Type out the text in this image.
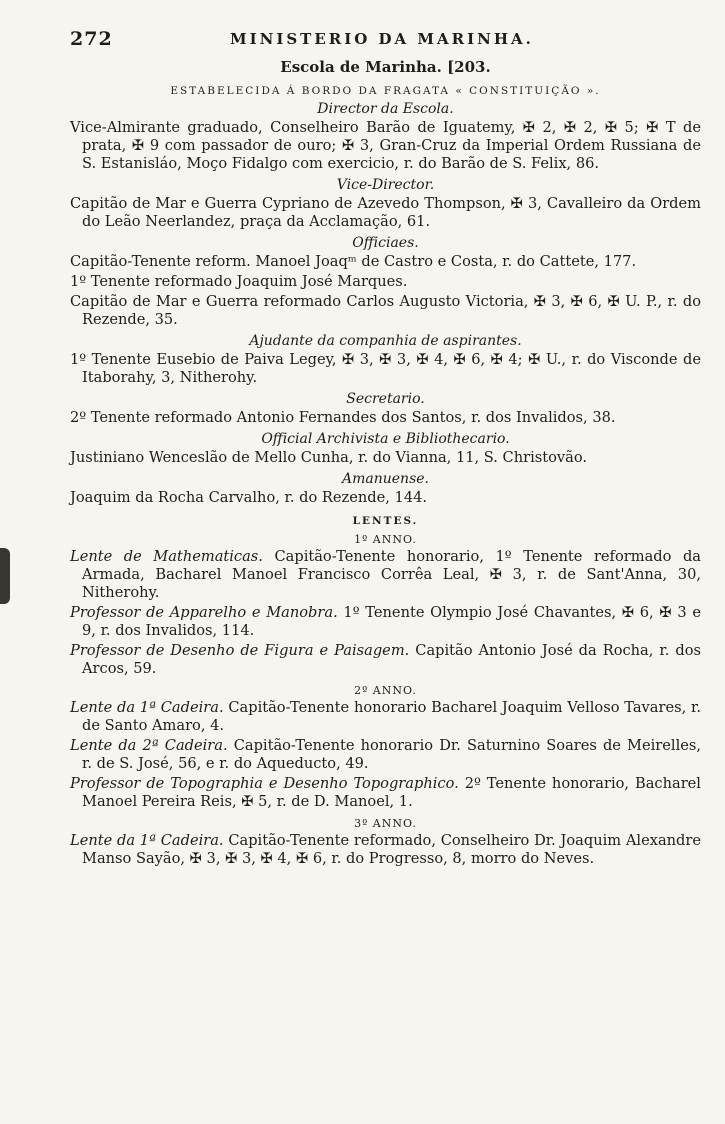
272	MINISTERIO DA MARINHA.
Escola de Marinha. [203.
ESTABELECIDA Á BORDO DA FRAGATA « CONSTITUIÇÃO ».
Director da Escola.

Vice-Almirante graduado, Conselheiro Barão de Iguatemy, ✠ 2, ✠ 2, ✠ 5; ✠ T de prata, ✠ 9 com passador de ouro; ✠ 3, Gran-Cruz da Imperial Ordem Russiana de S. Estanisláo, Moço Fidalgo com exercicio, r. do Barão de S. Felix, 86.

Vice-Director.

Capitão de Mar e Guerra Cypriano de Azevedo Thompson, ✠ 3, Cavalleiro da Ordem do Leão Neerlandez, praça da Acclamação, 61.

Officiaes.

Capitão-Tenente reform. Manoel Joaqᵐ de Castro e Costa, r. do Cattete, 177.

1º Tenente reformado Joaquim José Marques.

Capitão de Mar e Guerra reformado Carlos Augusto Victoria, ✠ 3, ✠ 6, ✠ U. P., r. do Rezende, 35.

Ajudante da companhia de aspirantes.

1º Tenente Eusebio de Paiva Legey, ✠ 3, ✠ 3, ✠ 4, ✠ 6, ✠ 4; ✠ U., r. do Visconde de Itaborahy, 3, Nitherohy.

Secretario.

2º Tenente reformado Antonio Fernandes dos Santos, r. dos Invalidos, 38.

Official Archivista e Bibliothecario.

Justiniano Wenceslão de Mello Cunha, r. do Vianna, 11, S. Christovão.

Amanuense.

Joaquim da Rocha Carvalho, r. do Rezende, 144.

LENTES.
1º ANNO.

Lente de Mathematicas. Capitão-Tenente honorario, 1º Tenente reformado da Armada, Bacharel Manoel Francisco Corrêa Leal, ✠ 3, r. de Sant'Anna, 30, Nitherohy.

Professor de Apparelho e Manobra. 1º Tenente Olympio José Chavantes, ✠ 6, ✠ 3 e 9, r. dos Invalidos, 114.

Professor de Desenho de Figura e Paisagem. Capitão Antonio José da Rocha, r. dos Arcos, 59.

2º ANNO.

Lente da 1ª Cadeira. Capitão-Tenente honorario Bacharel Joaquim Velloso Tavares, r. de Santo Amaro, 4.

Lente da 2ª Cadeira. Capitão-Tenente honorario Dr. Saturnino Soares de Meirelles, r. de S. José, 56, e r. do Aqueducto, 49.

Professor de Topographia e Desenho Topographico. 2º Tenente honorario, Bacharel Manoel Pereira Reis, ✠ 5, r. de D. Manoel, 1.

3º ANNO.

Lente da 1ª Cadeira. Capitão-Tenente reformado, Conselheiro Dr. Joaquim Alexandre Manso Sayão, ✠ 3, ✠ 3, ✠ 4, ✠ 6, r. do Progresso, 8, morro do Neves.
